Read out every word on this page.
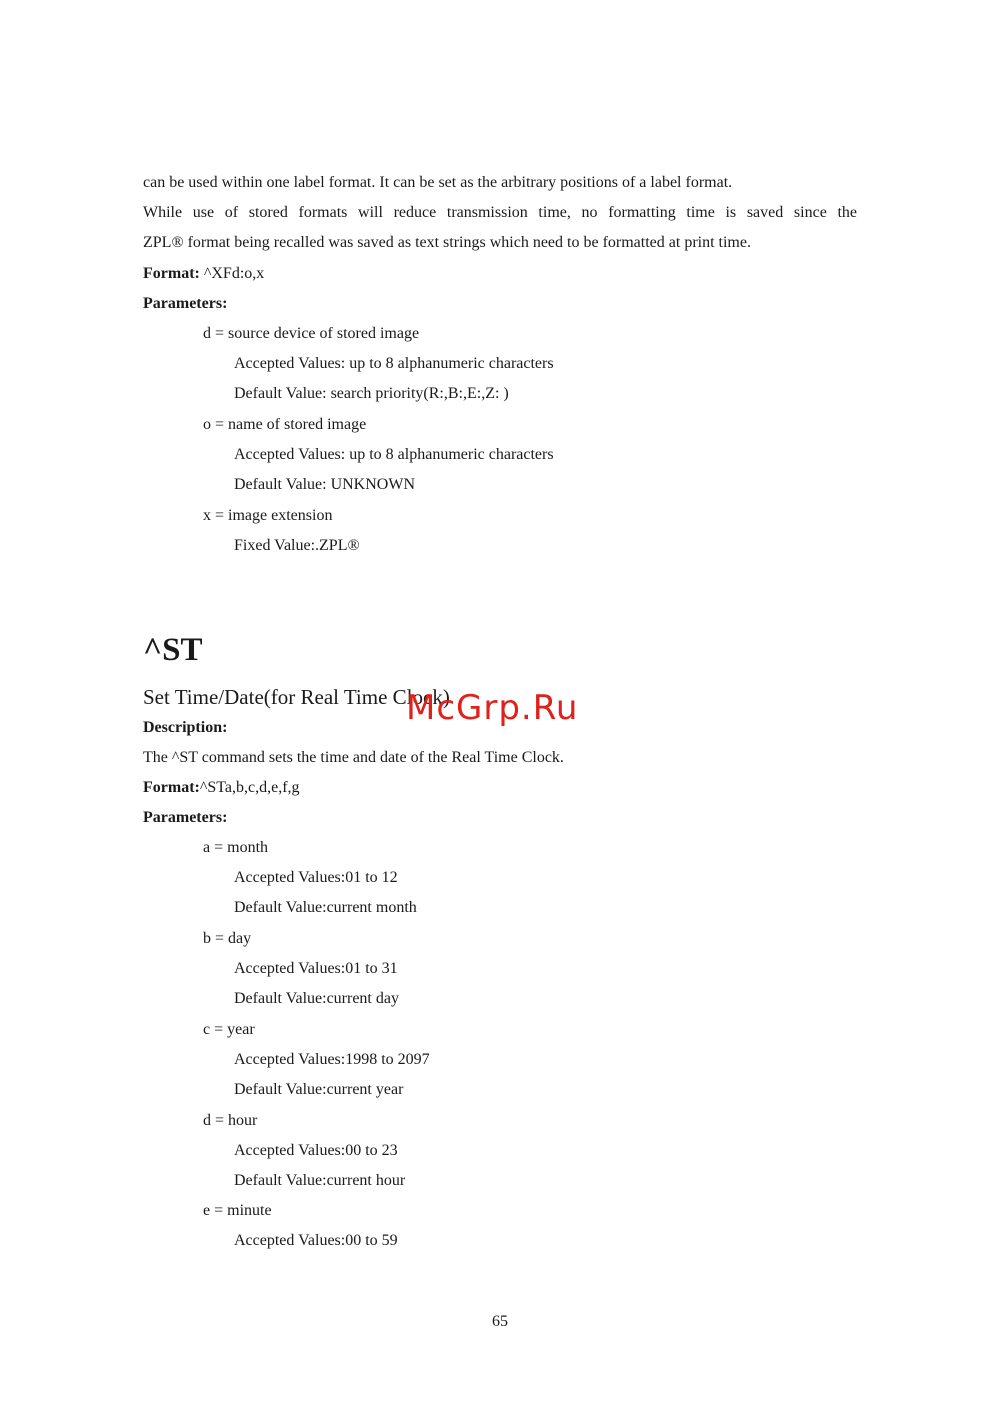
can be used within one label format. It can be set as the arbitrary positions of a label format.
While use of stored formats will reduce transmission time, no formatting time is saved since the
ZPL® format being recalled was saved as text strings which need to be formatted at print time.
Format: ^XFd:o,x
Parameters:
d = source device of stored image
Accepted Values: up to 8 alphanumeric characters
Default Value: search priority(R:,B:,E:,Z: )
o = name of stored image
Accepted Values: up to 8 alphanumeric characters
Default Value: UNKNOWN
x = image extension
Fixed Value:.ZPL®
^ST
Set Time/Date(for Real Time Clock)
McGrp.Ru
Description:
The ^ST command sets the time and date of the Real Time Clock.
Format:^STa,b,c,d,e,f,g
Parameters:
a = month
Accepted Values:01 to 12
Default Value:current month
b = day
Accepted Values:01 to 31
Default Value:current day
c = year
Accepted Values:1998 to 2097
Default Value:current year
d = hour
Accepted Values:00 to 23
Default Value:current hour
e = minute
Accepted Values:00 to 59
65
